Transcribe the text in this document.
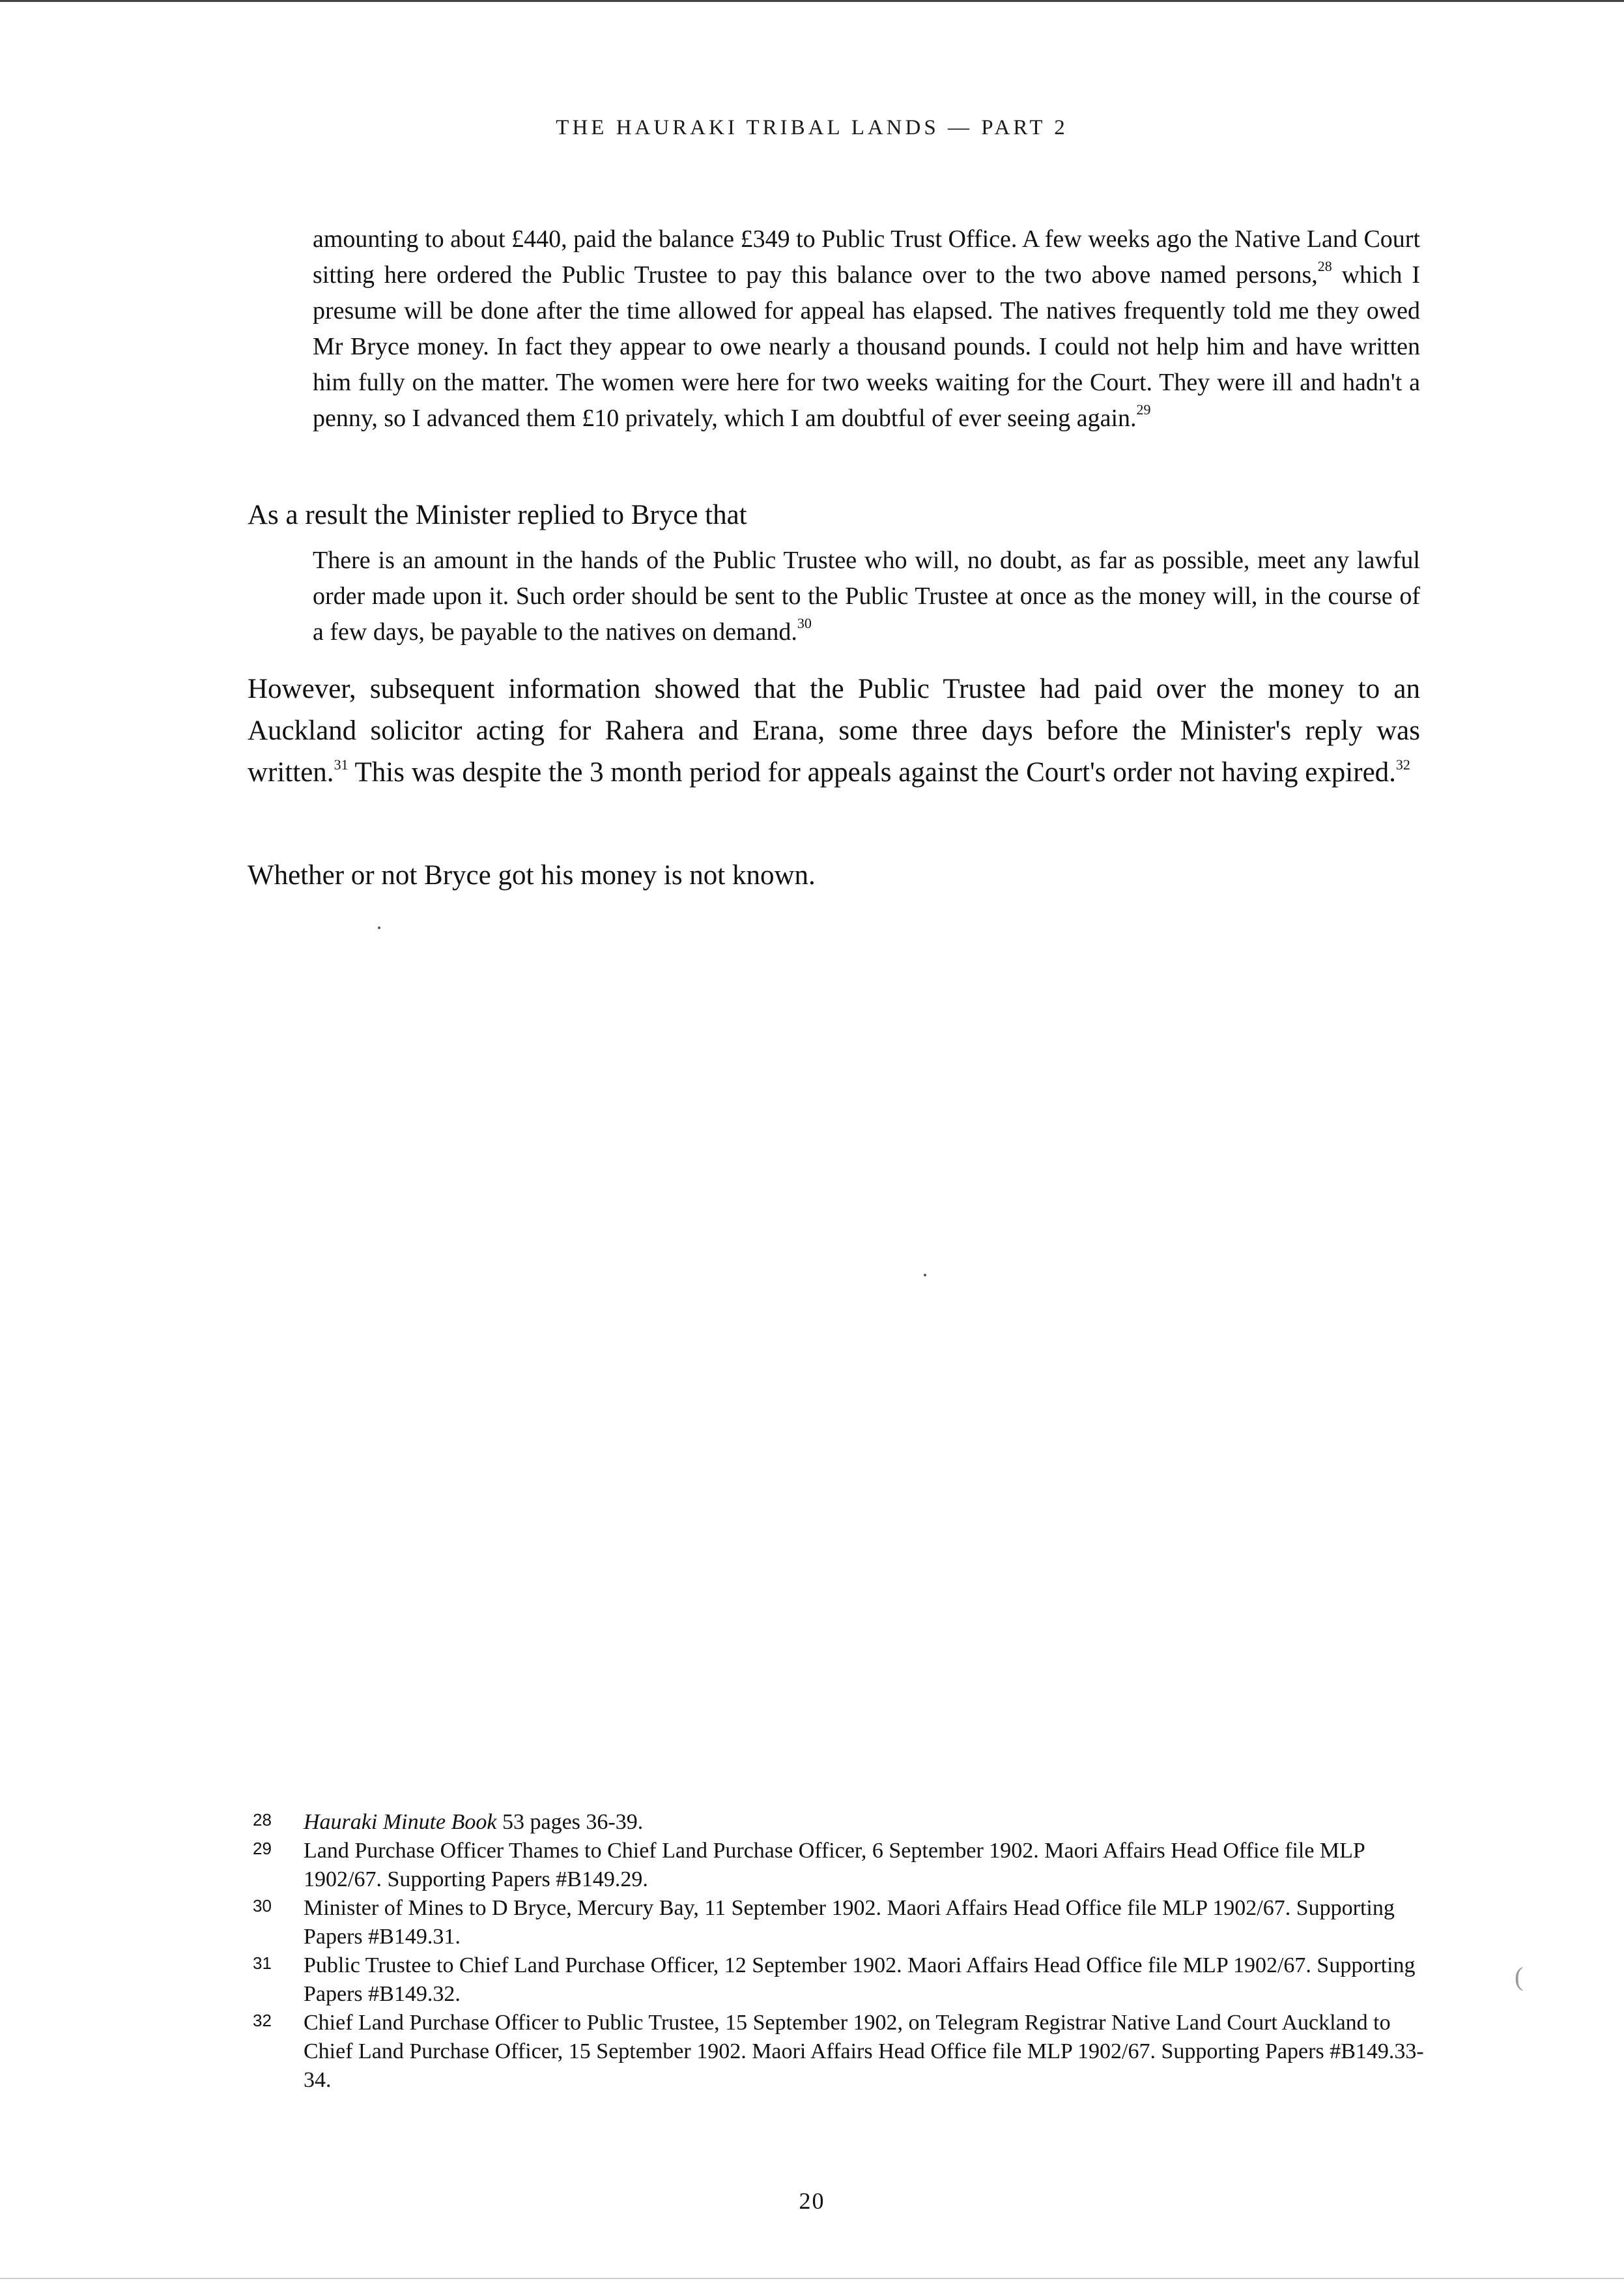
THE HAURAKI TRIBAL LANDS — PART 2
amounting to about £440, paid the balance £349 to Public Trust Office. A few weeks ago the Native Land Court sitting here ordered the Public Trustee to pay this balance over to the two above named persons,$^{28}$ which I presume will be done after the time allowed for appeal has elapsed. The natives frequently told me they owed Mr Bryce money. In fact they appear to owe nearly a thousand pounds. I could not help him and have written him fully on the matter. The women were here for two weeks waiting for the Court. They were ill and hadn't a penny, so I advanced them £10 privately, which I am doubtful of ever seeing again.$^{29}$
As a result the Minister replied to Bryce that
There is an amount in the hands of the Public Trustee who will, no doubt, as far as possible, meet any lawful order made upon it. Such order should be sent to the Public Trustee at once as the money will, in the course of a few days, be payable to the natives on demand.$^{30}$
However, subsequent information showed that the Public Trustee had paid over the money to an Auckland solicitor acting for Rahera and Erana, some three days before the Minister's reply was written.$^{31}$ This was despite the 3 month period for appeals against the Court's order not having expired.$^{32}$
Whether or not Bryce got his money is not known.

28 Hauraki Minute Book 53 pages 36-39.

29 Land Purchase Officer Thames to Chief Land Purchase Officer, 6 September 1902. Maori Affairs Head Office file MLP 1902/67. Supporting Papers #B149.29.

30 Minister of Mines to D Bryce, Mercury Bay, 11 September 1902. Maori Affairs Head Office file MLP 1902/67. Supporting Papers #B149.31.

31 Public Trustee to Chief Land Purchase Officer, 12 September 1902. Maori Affairs Head Office file MLP 1902/67. Supporting Papers #B149.32.

32 Chief Land Purchase Officer to Public Trustee, 15 September 1902, on Telegram Registrar Native Land Court Auckland to Chief Land Purchase Officer, 15 September 1902. Maori Affairs Head Office file MLP 1902/67. Supporting Papers #B149.33-34.

(
20
